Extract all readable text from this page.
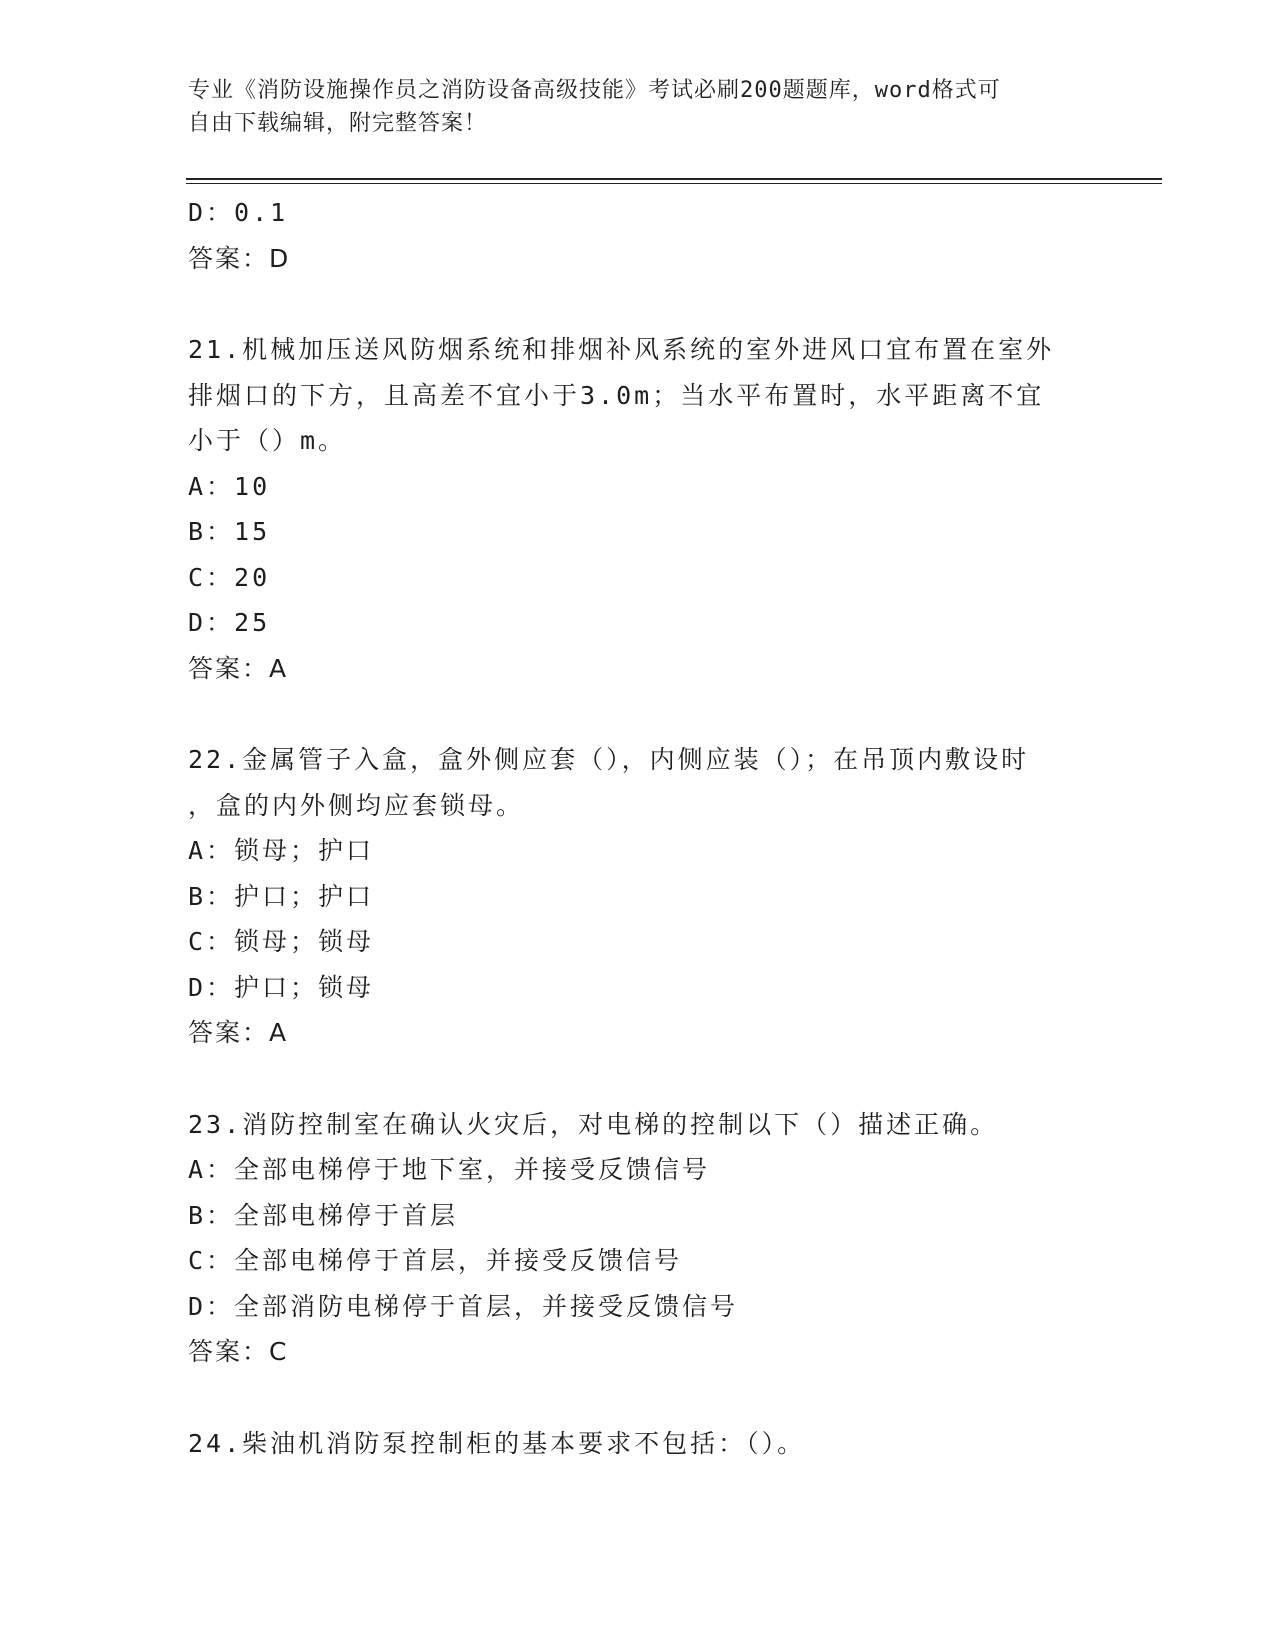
专业《消防设施操作员之消防设备高级技能》考试必刷200题题库，word格式可
自由下载编辑，附完整答案！
D：0.1
答案：D
21.机械加压送风防烟系统和排烟补风系统的室外进风口宜布置在室外
排烟口的下方，且高差不宜小于3.0m；当水平布置时，水平距离不宜
小于（）m。
A：10
B：15
C：20
D：25
答案：A
22.金属管子入盒，盒外侧应套（），内侧应装（）；在吊顶内敷设时
，盒的内外侧均应套锁母。
A：锁母；护口
B：护口；护口
C：锁母；锁母
D：护口；锁母
答案：A
23.消防控制室在确认火灾后，对电梯的控制以下（）描述正确。
A：全部电梯停于地下室，并接受反馈信号
B：全部电梯停于首层
C：全部电梯停于首层，并接受反馈信号
D：全部消防电梯停于首层，并接受反馈信号
答案：C
24.柴油机消防泵控制柜的基本要求不包括：（）。
